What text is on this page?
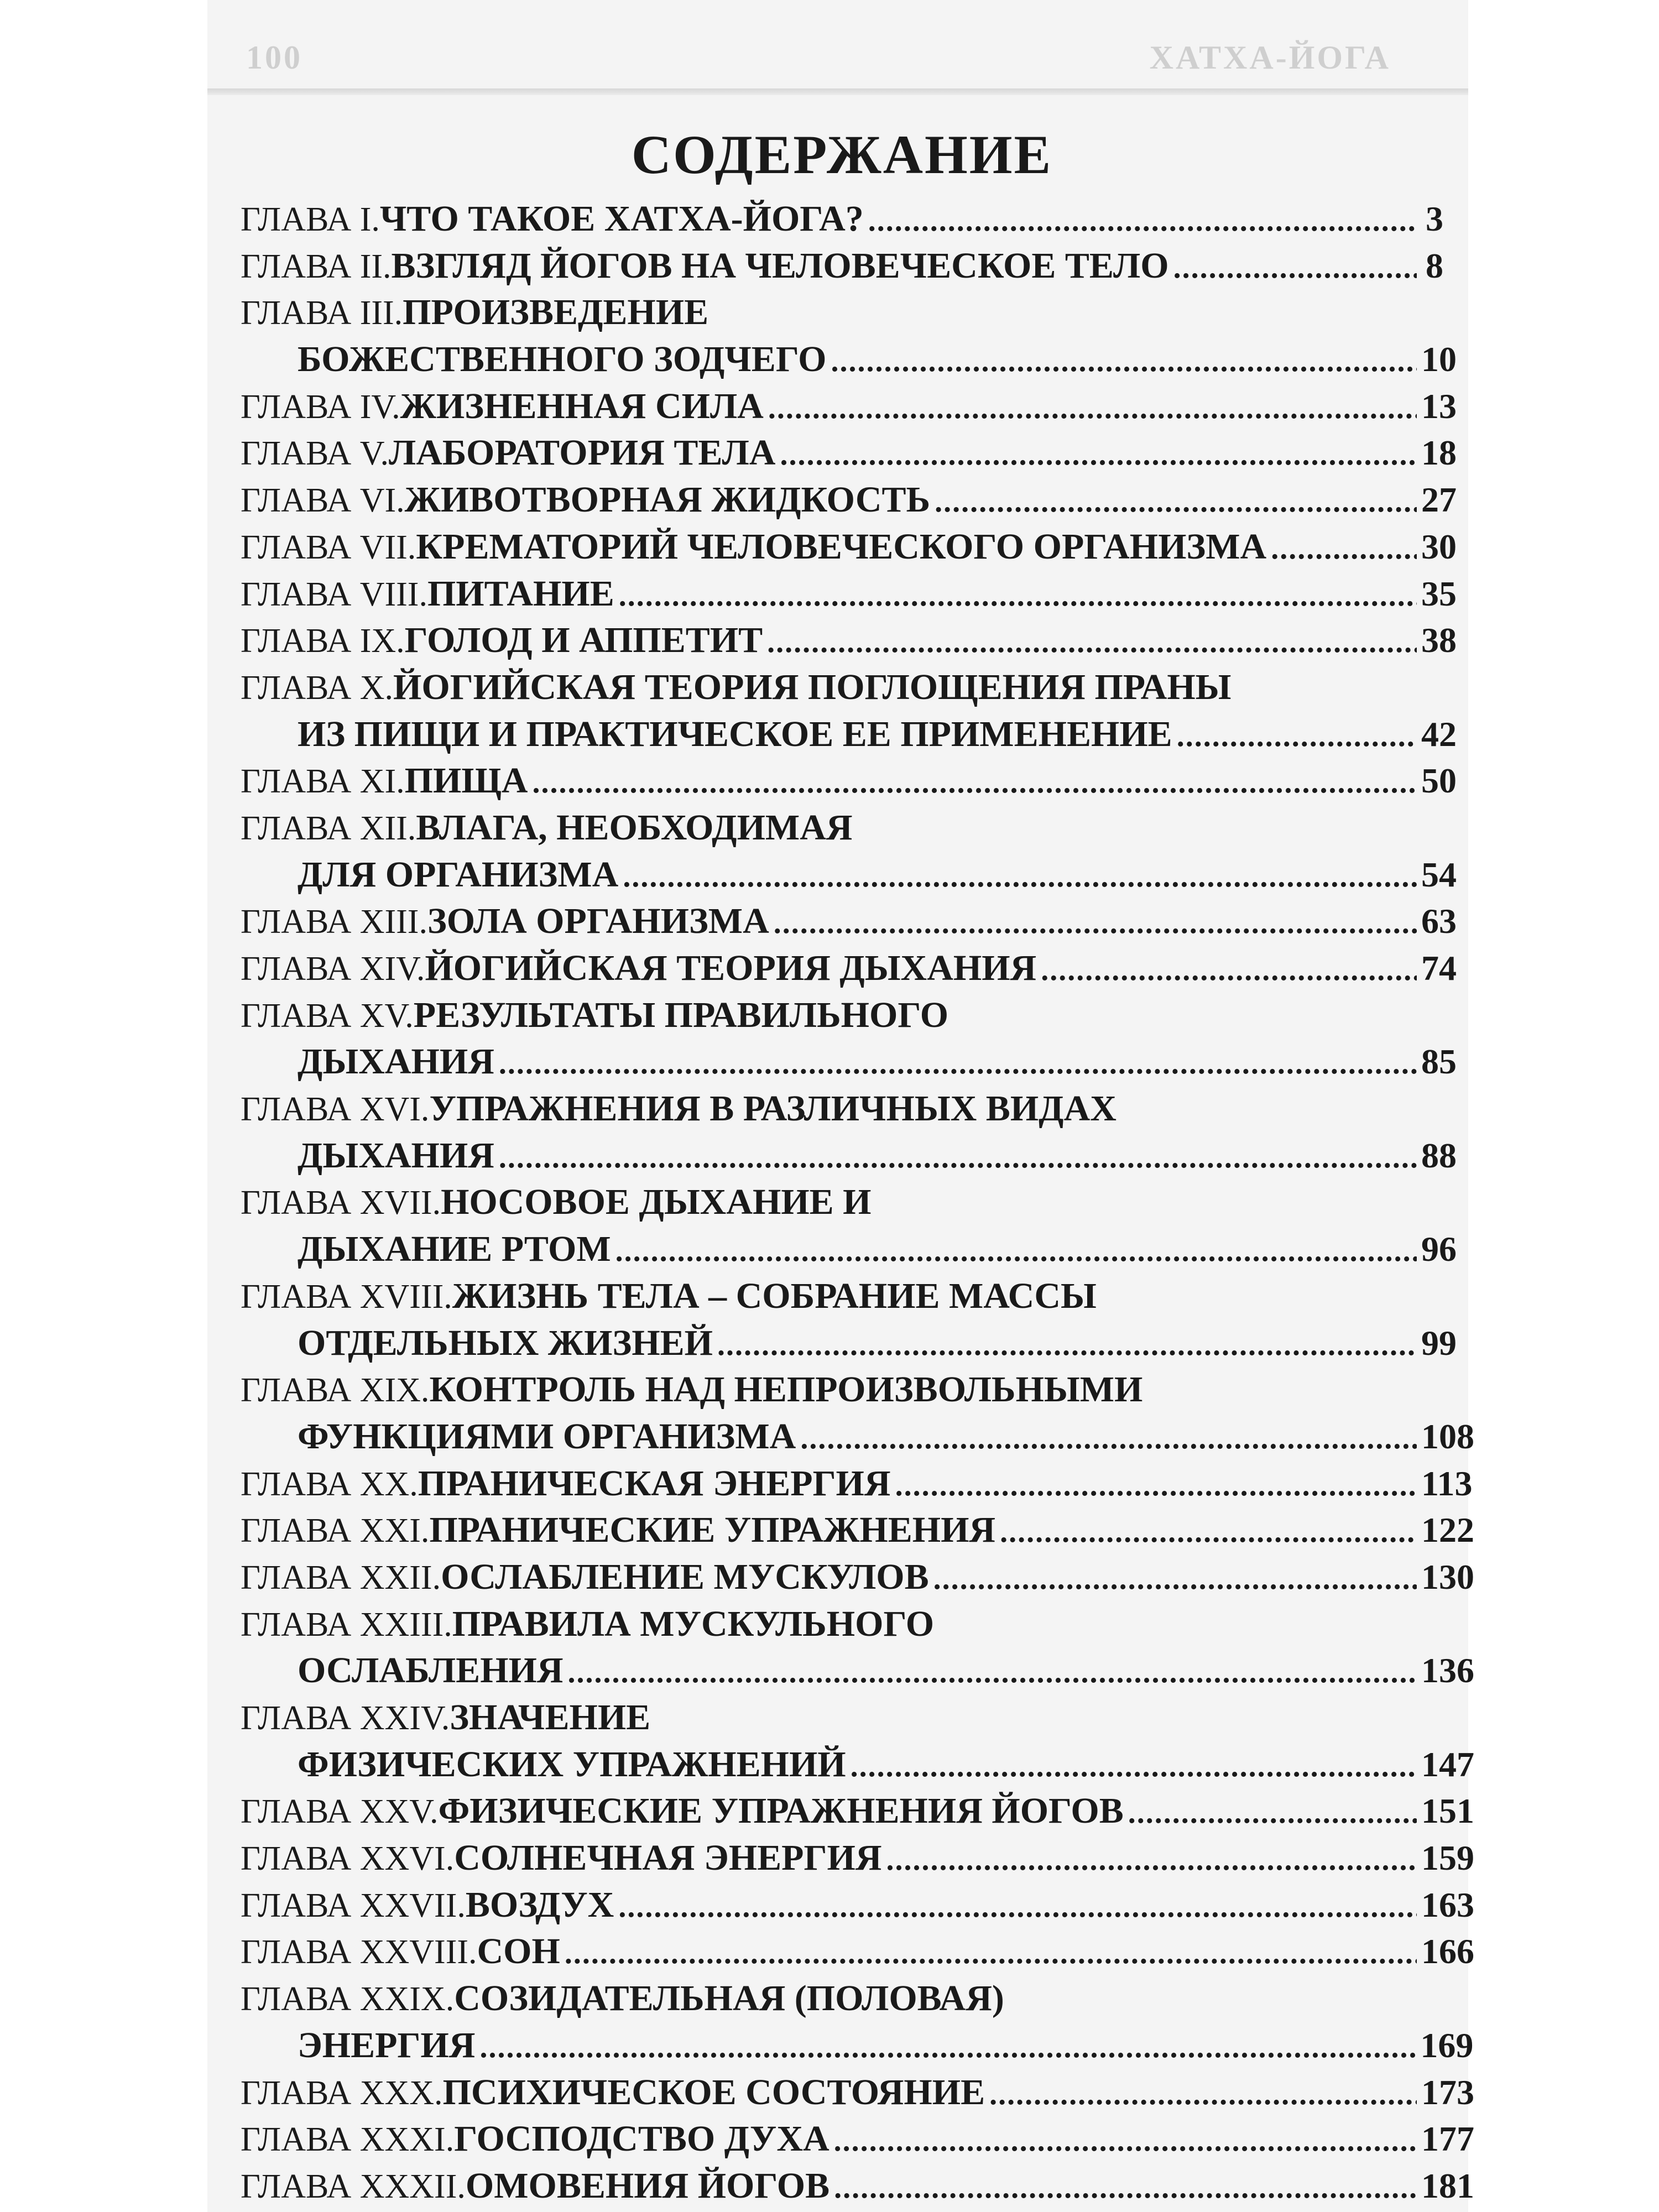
100	ХАТХА-ЙОГА
СОДЕРЖАНИЕ
ГЛАВА I. ЧТО ТАКОЕ ХАТХА-ЙОГА? .....	3
ГЛАВА II. ВЗГЛЯД ЙОГОВ НА ЧЕЛОВЕЧЕСКОЕ ТЕЛО .....	8
ГЛАВА III. ПРОИЗВЕДЕНИЕ
БОЖЕСТВЕННОГО ЗОДЧЕГО .....	10
ГЛАВА IV. ЖИЗНЕННАЯ СИЛА .....	13
ГЛАВА V. ЛАБОРАТОРИЯ ТЕЛА .....	18
ГЛАВА VI. ЖИВОТВОРНАЯ ЖИДКОСТЬ .....	27
ГЛАВА VII. КРЕМАТОРИЙ ЧЕЛОВЕЧЕСКОГО ОРГАНИЗМА .....	30
ГЛАВА VIII. ПИТАНИЕ .....	35
ГЛАВА IX. ГОЛОД И АППЕТИТ .....	38
ГЛАВА X. ЙОГИЙСКАЯ ТЕОРИЯ ПОГЛОЩЕНИЯ ПРАНЫ
ИЗ ПИЩИ И ПРАКТИЧЕСКОЕ ЕЕ ПРИМЕНЕНИЕ .....	42
ГЛАВА XI. ПИЩА .....	50
ГЛАВА XII. ВЛАГА, НЕОБХОДИМАЯ
ДЛЯ ОРГАНИЗМА .....	54
ГЛАВА XIII. ЗОЛА ОРГАНИЗМА .....	63
ГЛАВА XIV. ЙОГИЙСКАЯ ТЕОРИЯ ДЫХАНИЯ .....	74
ГЛАВА XV. РЕЗУЛЬТАТЫ ПРАВИЛЬНОГО
ДЫХАНИЯ .....	85
ГЛАВА XVI. УПРАЖНЕНИЯ В РАЗЛИЧНЫХ ВИДАХ
ДЫХАНИЯ .....	88
ГЛАВА XVII. НОСОВОЕ ДЫХАНИЕ И
ДЫХАНИЕ РТОМ .....	96
ГЛАВА XVIII. ЖИЗНЬ ТЕЛА – СОБРАНИЕ МАССЫ
ОТДЕЛЬНЫХ ЖИЗНЕЙ .....	99
ГЛАВА XIX. КОНТРОЛЬ НАД НЕПРОИЗВОЛЬНЫМИ
ФУНКЦИЯМИ ОРГАНИЗМА .....	108
ГЛАВА XX. ПРАНИЧЕСКАЯ ЭНЕРГИЯ .....	113
ГЛАВА XXI. ПРАНИЧЕСКИЕ УПРАЖНЕНИЯ .....	122
ГЛАВА XXII. ОСЛАБЛЕНИЕ МУСКУЛОВ .....	130
ГЛАВА XXIII. ПРАВИЛА МУСКУЛЬНОГО
ОСЛАБЛЕНИЯ .....	136
ГЛАВА XXIV. ЗНАЧЕНИЕ
ФИЗИЧЕСКИХ УПРАЖНЕНИЙ .....	147
ГЛАВА XXV. ФИЗИЧЕСКИЕ УПРАЖНЕНИЯ ЙОГОВ .....	151
ГЛАВА XXVI. СОЛНЕЧНАЯ ЭНЕРГИЯ .....	159
ГЛАВА XXVII. ВОЗДУХ .....	163
ГЛАВА XXVIII. СОН .....	166
ГЛАВА XXIX. СОЗИДАТЕЛЬНАЯ (ПОЛОВАЯ)
ЭНЕРГИЯ .....	169
ГЛАВА XXX. ПСИХИЧЕСКОЕ СОСТОЯНИЕ .....	173
ГЛАВА XXXI. ГОСПОДСТВО ДУХА .....	177
ГЛАВА XXXII. ОМОВЕНИЯ ЙОГОВ .....	181
